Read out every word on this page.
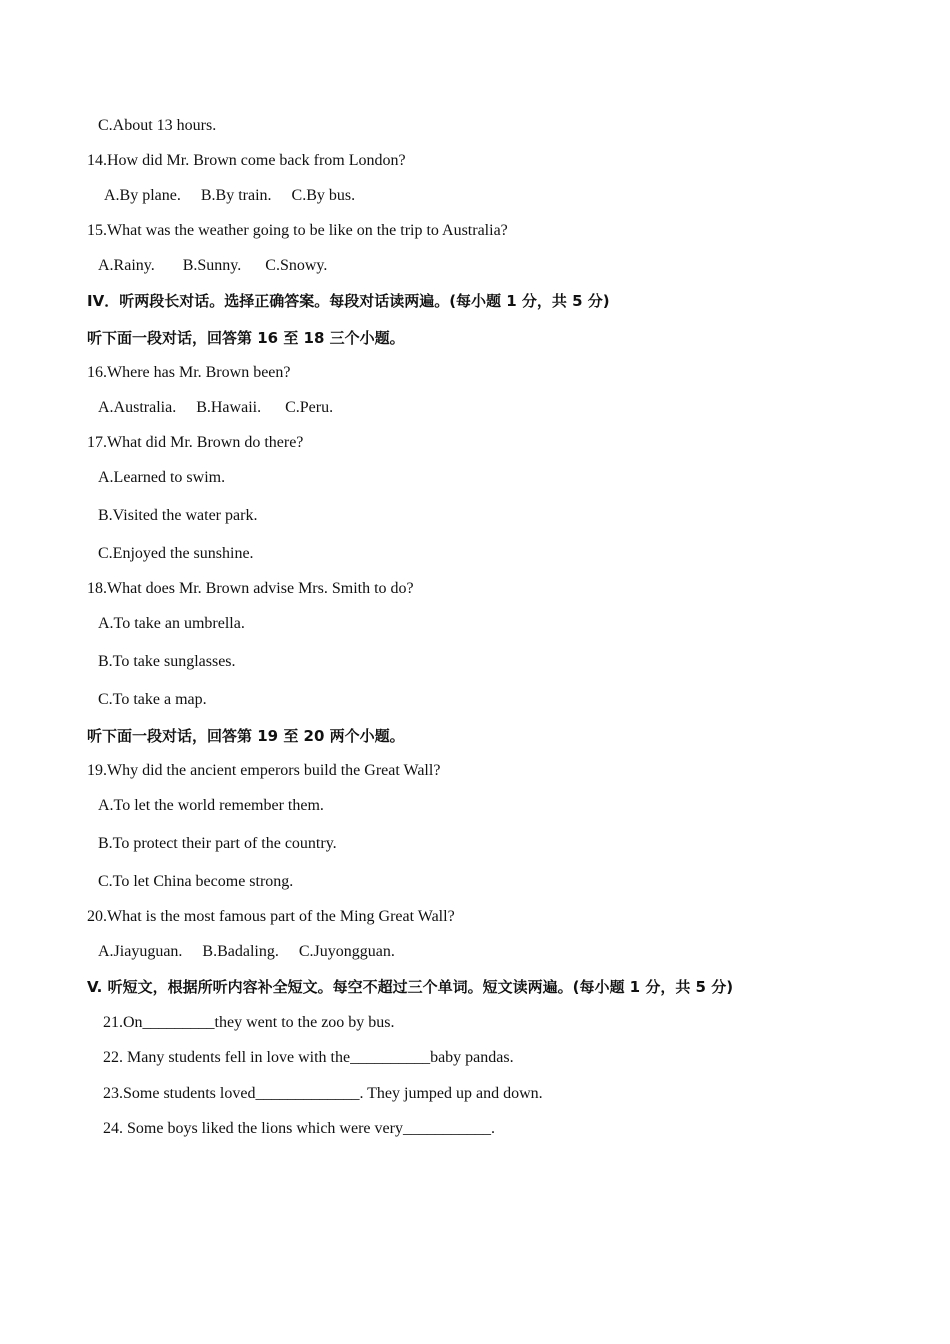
C.About 13 hours.
14.How did Mr. Brown come back from London?
A.By plane.     B.By train.     C.By bus.
15.What was the weather going to be like on the trip to Australia?
A.Rainy.       B.Sunny.      C.Snowy.
IV．听两段长对话。选择正确答案。每段对话读两遍。(每小题 1 分，共 5 分)
听下面一段对话，回答第 16 至 18 三个小题。
16.Where has Mr. Brown been?
A.Australia.     B.Hawaii.      C.Peru.
17.What did Mr. Brown do there?
A.Learned to swim.
B.Visited the water park.
C.Enjoyed the sunshine.
18.What does Mr. Brown advise Mrs. Smith to do?
A.To take an umbrella.
B.To take sunglasses.
C.To take a map.
听下面一段对话，回答第 19 至 20 两个小题。
19.Why did the ancient emperors build the Great Wall?
A.To let the world remember them.
B.To protect their part of the country.
C.To let China become strong.
20.What is the most famous part of the Ming Great Wall?
A.Jiayuguan.     B.Badaling.     C.Juyongguan.
V. 听短文，根据所听内容补全短文。每空不超过三个单词。短文读两遍。(每小题 1 分，共 5 分)
21.On_________they went to the zoo by bus.
22. Many students fell in love with the__________baby pandas.
23.Some students loved_____________. They jumped up and down.
24. Some boys liked the lions which were very___________.
